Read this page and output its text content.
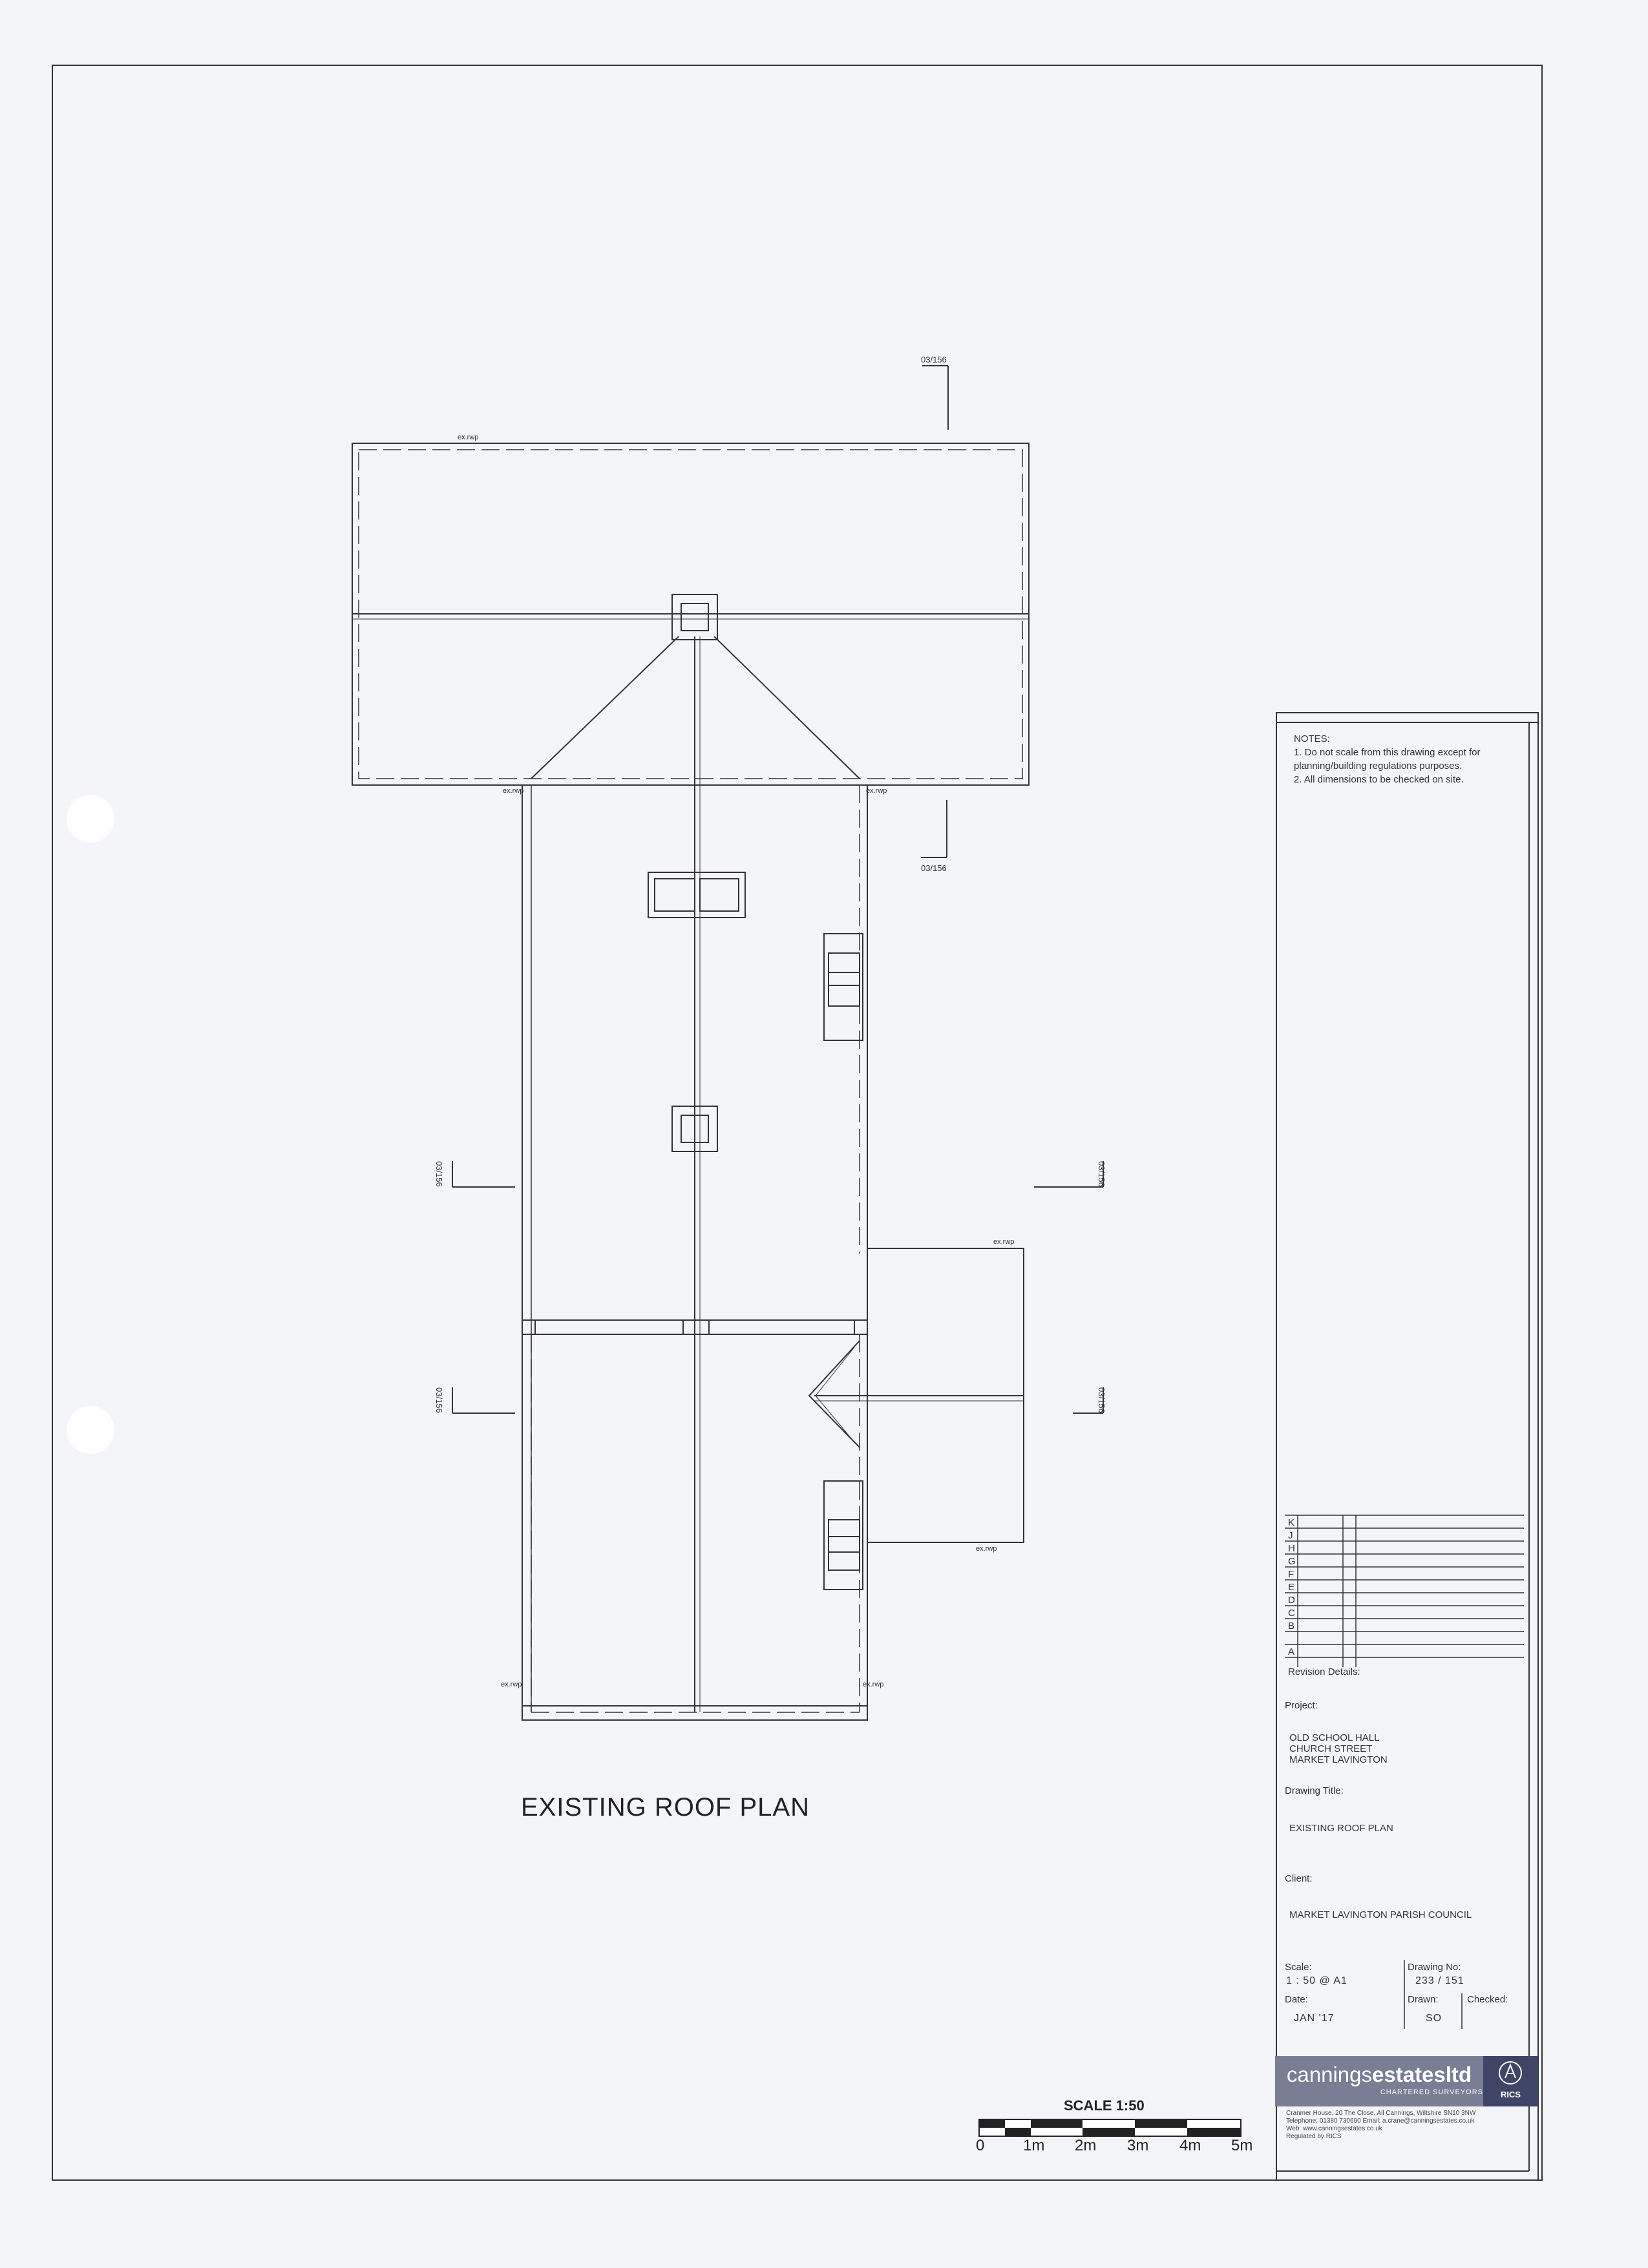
03/156
03/156
03/156	03/156
03/156	03/156
ex.rwp
ex.rwp	ex.rwp
ex.rwp
ex.rwp
ex.rwp	ex.rwp
EXISTING ROOF PLAN
SCALE 1:50
0 1m 2m 3m 4m 5m
NOTES:
1. Do not scale from this drawing except for
planning/building regulations purposes.
2. All dimensions to be checked on site.
K
J
H
G
F
E
D
C
B
A
Revision Details:
Project:
OLD SCHOOL HALL
CHURCH STREET
MARKET LAVINGTON
Drawing Title:
EXISTING ROOF PLAN
Client:
MARKET LAVINGTON PARISH COUNCIL
Scale:
1 : 50 @ A1
Drawing No:
233 / 151
Date:
JAN '17
Drawn:
SO
Checked:
canningsestatesltd
CHARTERED SURVEYORS	RICS
Cranmer House, 20 The Close, All Cannings, Wiltshire SN10 3NW
Telephone: 01380 730690 Email: a.crane@canningsestates.co.uk
Web: www.canningsestates.co.uk
Regulated by RICS
